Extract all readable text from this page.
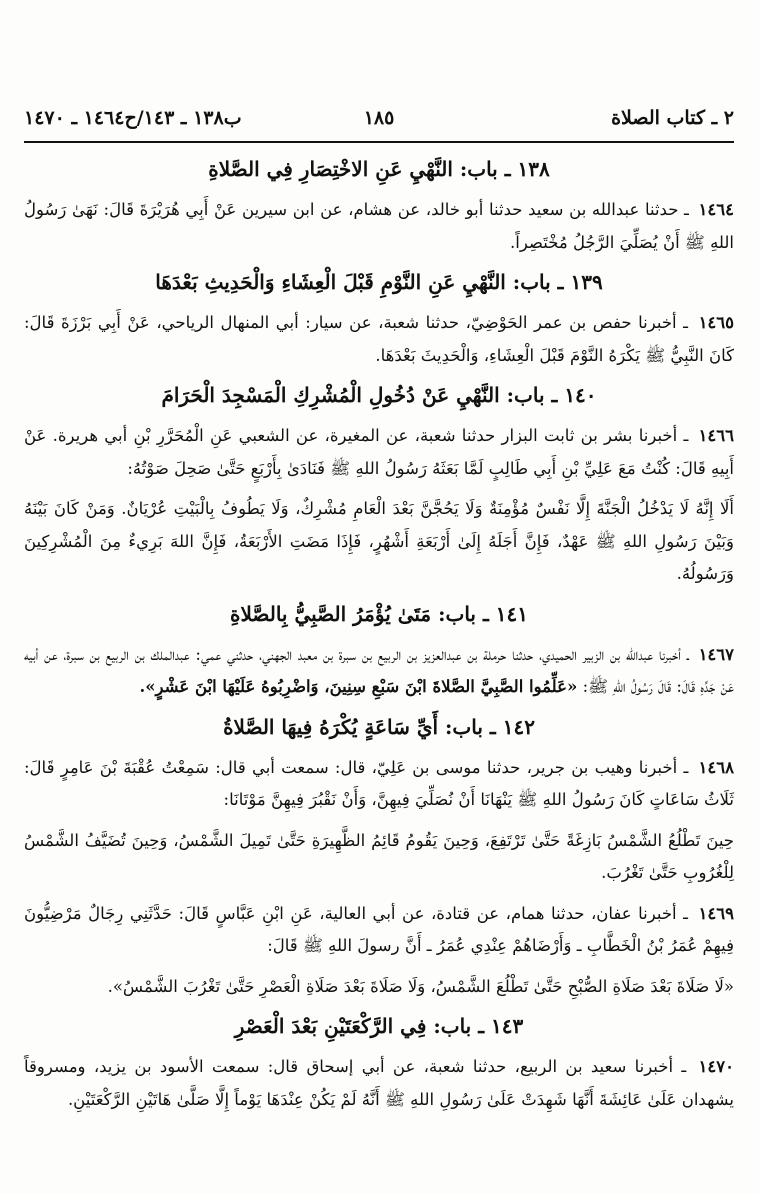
٢ ـ كتاب الصلاة
١٨٥
ب١٣٨ ـ ١٤٣/ح١٤٦٤ ـ ١٤٧٠
١٣٨ ـ باب: النَّهْيِ عَنِ الاخْتِصَارِ فِي الصَّلاةِ

١٤٦٤ ـ حدثنا عبدالله بن سعيد حدثنا أبو خالد، عن هشام، عن ابن سيرين عَنْ أَبِي هُرَيْرَةَ قَالَ: نَهَىٰ رَسُولُ اللهِ ﷺ أَنْ يُصَلِّيَ الرَّجُلُ مُخْتَصِراً.

١٣٩ ـ باب: النَّهْيِ عَنِ النَّوْمِ قَبْلَ الْعِشَاءِ وَالْحَدِيثِ بَعْدَهَا

١٤٦٥ ـ أخبرنا حفص بن عمر الحَوْضِيّ، حدثنا شعبة، عن سيار: أبي المنهال الرياحي، عَنْ أَبِي بَرْزَةَ قَالَ: كَانَ النَّبِيُّ ﷺ يَكْرَهُ النَّوْمَ قَبْلَ الْعِشَاءِ، وَالْحَدِيثَ بَعْدَهَا.

١٤٠ ـ باب: النَّهْيِ عَنْ دُخُولِ الْمُشْرِكِ الْمَسْجِدَ الْحَرَامَ

١٤٦٦ ـ أخبرنا بشر بن ثابت البزار حدثنا شعبة، عن المغيرة، عن الشعبي عَنِ الْمُحَرَّرِ بْنِ أبي هريرة. عَنْ أَبِيهِ قَالَ: كُنْتُ مَعَ عَلِيِّ بْنِ أَبِي طَالِبٍ لَمَّا بَعَثَهُ رَسُولُ اللهِ ﷺ فَنَادَىٰ بِأَرْبَعٍ حَتَّىٰ صَحِلَ صَوْتُهُ:

أَلَا إِنَّهُ لَا يَدْخُلُ الْجَنَّةَ إِلَّا نَفْسٌ مُؤْمِنَةٌ وَلَا يَحُجَّنَّ بَعْدَ الْعَامِ مُشْرِكٌ، وَلَا يَطُوفُ بِالْبَيْتِ عُرْيَانٌ. وَمَنْ كَانَ بَيْنَهُ وَبَيْنَ رَسُولِ اللهِ ﷺ عَهْدٌ، فَإِنَّ أَجَلَهُ إِلَىٰ أَرْبَعَةِ أَشْهُرٍ، فَإِذَا مَضَتِ الأَرْبَعَةُ، فَإِنَّ اللهَ بَرِيءٌ مِنَ الْمُشْرِكِينَ وَرَسُولُهُ.

١٤١ ـ باب: مَتَىٰ يُؤْمَرُ الصَّبِيُّ بِالصَّلاةِ

١٤٦٧ ـ أخبرنا عبدالله بن الزبير الحميدي، حدثنا حرملة بن عبدالعزيز بن الربيع بن سبرة بن معبد الجهني، حدثني عمي: عبدالملك بن الربيع بن سبرة، عن أبيه عَنْ جَدِّهِ قَالَ: قَالَ رَسُولُ اللهِ ﷺ: «عَلِّمُوا الصَّبِيَّ الصَّلاةَ ابْنَ سَبْعِ سِنِينَ، وَاضْرِبُوهُ عَلَيْهَا ابْنَ عَشْرٍ».

١٤٢ ـ باب: أَيِّ سَاعَةٍ يُكْرَهُ فِيهَا الصَّلاةُ

١٤٦٨ ـ أخبرنا وهيب بن جرير، حدثنا موسى بن عَلِيّ، قال: سمعت أبي قال: سَمِعْتُ عُقْبَةَ بْنَ عَامِرٍ قَالَ: ثَلَاثُ سَاعَاتٍ كَانَ رَسُولُ اللهِ ﷺ يَنْهَانَا أَنْ نُصَلِّيَ فِيهِنَّ، وَأَنْ نَقْبُرَ فِيهِنَّ مَوْتَانَا:

حِينَ تَطْلُعُ الشَّمْسُ بَازِغَةً حَتَّىٰ تَرْتَفِعَ، وَحِينَ يَقُومُ قَائِمُ الظَّهِيرَةِ حَتَّىٰ تَمِيلَ الشَّمْسُ، وَحِينَ تُضَيَّفُ الشَّمْسُ لِلْغُرُوبِ حَتَّىٰ تَغْرُبَ.

١٤٦٩ ـ أخبرنا عفان، حدثنا همام، عن قتادة، عن أبي العالية، عَنِ ابْنِ عَبَّاسٍ قَالَ: حَدَّثَنِي رِجَالٌ مَرْضِيُّونَ فِيهِمْ عُمَرُ بْنُ الْخَطَّابِ ـ وَأَرْضَاهُمْ عِنْدِي عُمَرُ ـ أَنَّ رسولَ اللهِ ﷺ قَالَ:

«لَا صَلَاةَ بَعْدَ صَلَاةِ الصُّبْحِ حَتَّىٰ تَطْلُعَ الشَّمْسُ، وَلَا صَلَاةَ بَعْدَ صَلَاةِ الْعَصْرِ حَتَّىٰ تَغْرُبَ الشَّمْسُ».

١٤٣ ـ باب: فِي الرَّكْعَتَيْنِ بَعْدَ الْعَصْرِ

١٤٧٠ ـ أخبرنا سعيد بن الربيع، حدثنا شعبة، عن أبي إسحاق قال: سمعت الأسود بن يزيد، ومسروقاً يشهدان عَلَىٰ عَائِشَةَ أَنَّهَا شَهِدَتْ عَلَىٰ رَسُولِ اللهِ ﷺ أَنَّهُ لَمْ يَكُنْ عِنْدَهَا يَوْماً إِلَّا صَلَّىٰ هَاتَيْنِ الرَّكْعَتَيْنِ.
